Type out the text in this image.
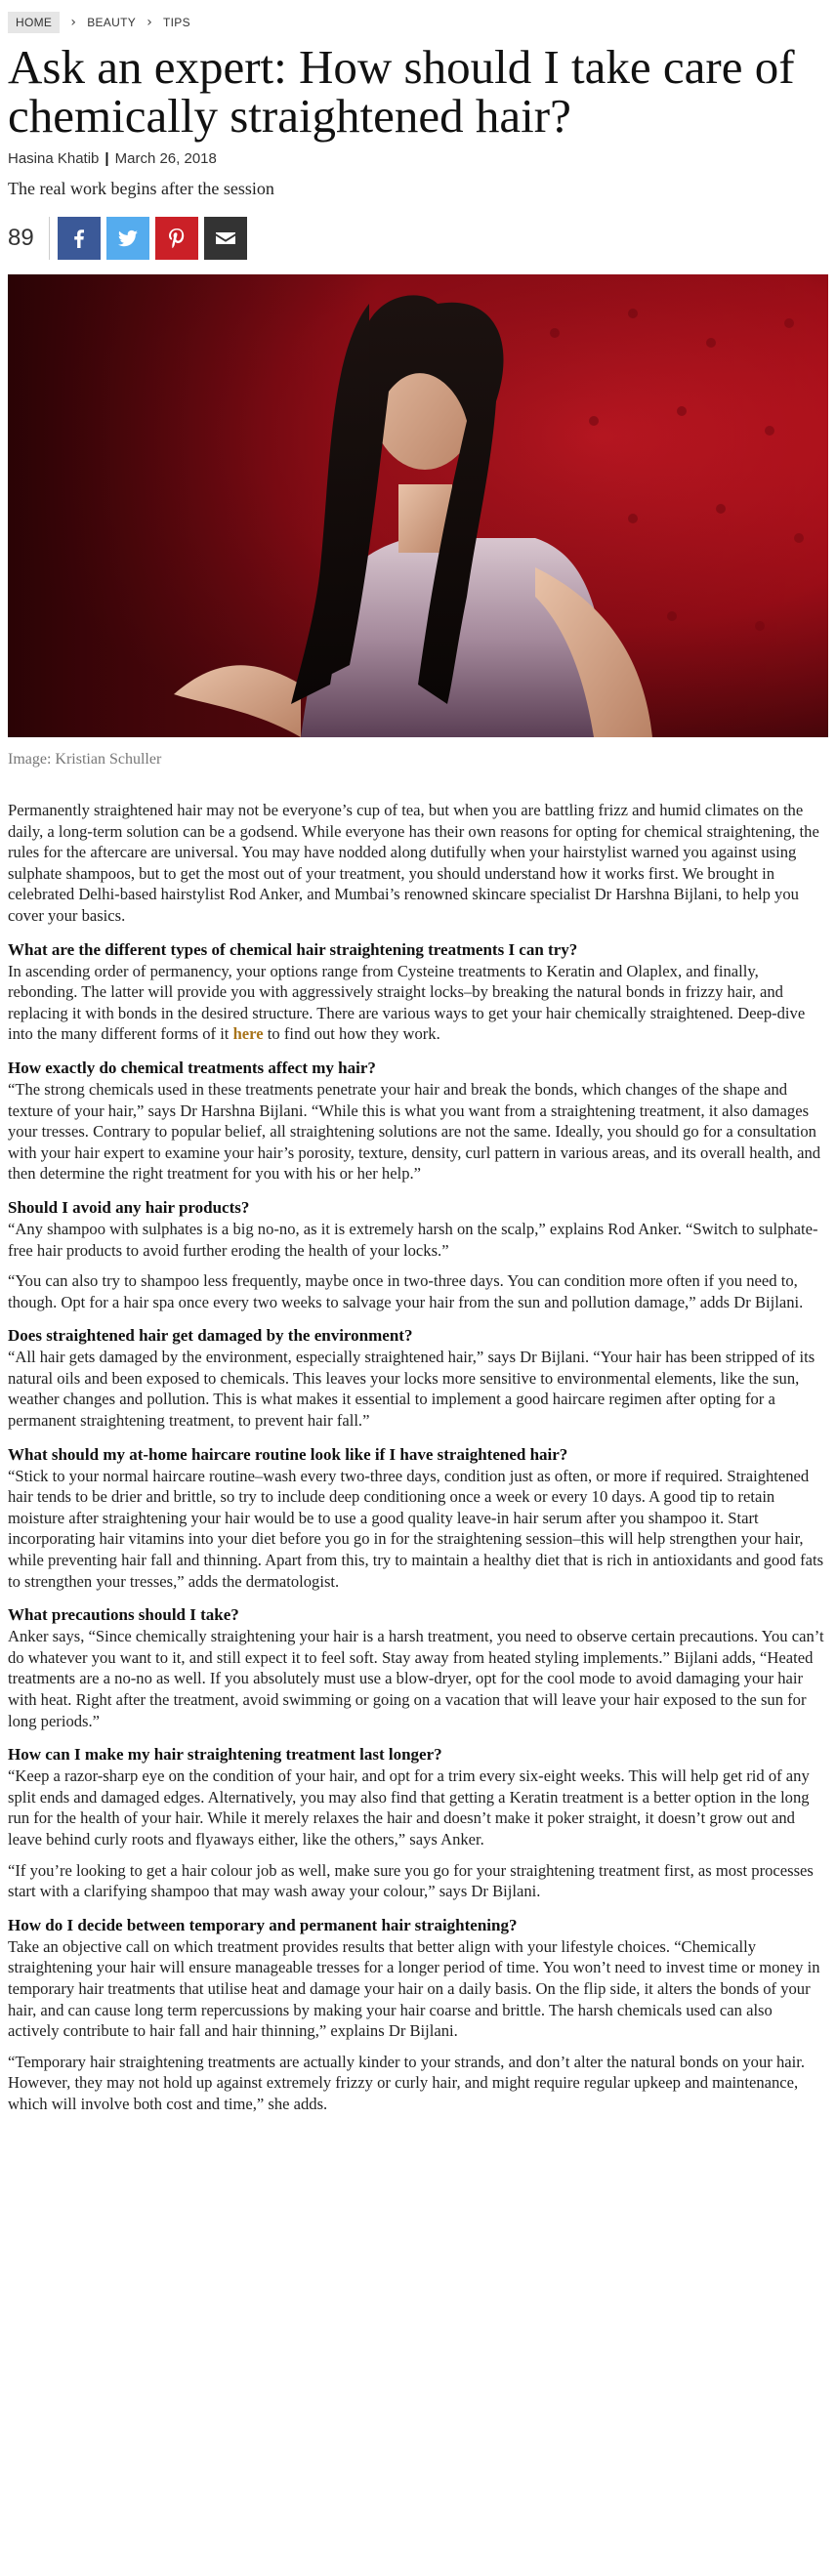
HOME	› BEAUTY › TIPS
Ask an expert: How should I take care of chemically straightened hair?
Hasina Khatib | March 26, 2018

The real work begins after the session

89

Image: Kristian Schuller

Permanently straightened hair may not be everyone’s cup of tea, but when you are battling frizz and humid climates on the daily, a long-term solution can be a godsend. While everyone has their own reasons for opting for chemical straightening, the rules for the aftercare are universal. You may have nodded along dutifully when your hairstylist warned you against using sulphate shampoos, but to get the most out of your treatment, you should understand how it works first. We brought in celebrated Delhi-based hairstylist Rod Anker, and Mumbai’s renowned skincare specialist Dr Harshna Bijlani, to help you cover your basics.

What are the different types of chemical hair straightening treatments I can try?

In ascending order of permanency, your options range from Cysteine treatments to Keratin and Olaplex, and finally, rebonding. The latter will provide you with aggressively straight locks–by breaking the natural bonds in frizzy hair, and replacing it with bonds in the desired structure. There are various ways to get your hair chemically straightened. Deep-dive into the many different forms of it here to find out how they work.

How exactly do chemical treatments affect my hair?

“The strong chemicals used in these treatments penetrate your hair and break the bonds, which changes of the shape and texture of your hair,” says Dr Harshna Bijlani. “While this is what you want from a straightening treatment, it also damages your tresses. Contrary to popular belief, all straightening solutions are not the same. Ideally, you should go for a consultation with your hair expert to examine your hair’s porosity, texture, density, curl pattern in various areas, and its overall health, and then determine the right treatment for you with his or her help.”

Should I avoid any hair products?

“Any shampoo with sulphates is a big no-no, as it is extremely harsh on the scalp,” explains Rod Anker. “Switch to sulphate-free hair products to avoid further eroding the health of your locks.”

“You can also try to shampoo less frequently, maybe once in two-three days. You can condition more often if you need to, though. Opt for a hair spa once every two weeks to salvage your hair from the sun and pollution damage,” adds Dr Bijlani.

Does straightened hair get damaged by the environment?

“All hair gets damaged by the environment, especially straightened hair,” says Dr Bijlani. “Your hair has been stripped of its natural oils and been exposed to chemicals. This leaves your locks more sensitive to environmental elements, like the sun, weather changes and pollution. This is what makes it essential to implement a good haircare regimen after opting for a permanent straightening treatment, to prevent hair fall.”

What should my at-home haircare routine look like if I have straightened hair?

“Stick to your normal haircare routine–wash every two-three days, condition just as often, or more if required. Straightened hair tends to be drier and brittle, so try to include deep conditioning once a week or every 10 days. A good tip to retain moisture after straightening your hair would be to use a good quality leave-in hair serum after you shampoo it. Start incorporating hair vitamins into your diet before you go in for the straightening session–this will help strengthen your hair, while preventing hair fall and thinning. Apart from this, try to maintain a healthy diet that is rich in antioxidants and good fats to strengthen your tresses,” adds the dermatologist.

What precautions should I take?

Anker says, “Since chemically straightening your hair is a harsh treatment, you need to observe certain precautions. You can’t do whatever you want to it, and still expect it to feel soft. Stay away from heated styling implements.” Bijlani adds, “Heated treatments are a no-no as well. If you absolutely must use a blow-dryer, opt for the cool mode to avoid damaging your hair with heat. Right after the treatment, avoid swimming or going on a vacation that will leave your hair exposed to the sun for long periods.”

How can I make my hair straightening treatment last longer?

“Keep a razor-sharp eye on the condition of your hair, and opt for a trim every six-eight weeks. This will help get rid of any split ends and damaged edges. Alternatively, you may also find that getting a Keratin treatment is a better option in the long run for the health of your hair. While it merely relaxes the hair and doesn’t make it poker straight, it doesn’t grow out and leave behind curly roots and flyaways either, like the others,” says Anker.

“If you’re looking to get a hair colour job as well, make sure you go for your straightening treatment first, as most processes start with a clarifying shampoo that may wash away your colour,” says Dr Bijlani.

How do I decide between temporary and permanent hair straightening?

Take an objective call on which treatment provides results that better align with your lifestyle choices. “Chemically straightening your hair will ensure manageable tresses for a longer period of time. You won’t need to invest time or money in temporary hair treatments that utilise heat and damage your hair on a daily basis. On the flip side, it alters the bonds of your hair, and can cause long term repercussions by making your hair coarse and brittle. The harsh chemicals used can also actively contribute to hair fall and hair thinning,” explains Dr Bijlani.

“Temporary hair straightening treatments are actually kinder to your strands, and don’t alter the natural bonds on your hair. However, they may not hold up against extremely frizzy or curly hair, and might require regular upkeep and maintenance, which will involve both cost and time,” she adds.
